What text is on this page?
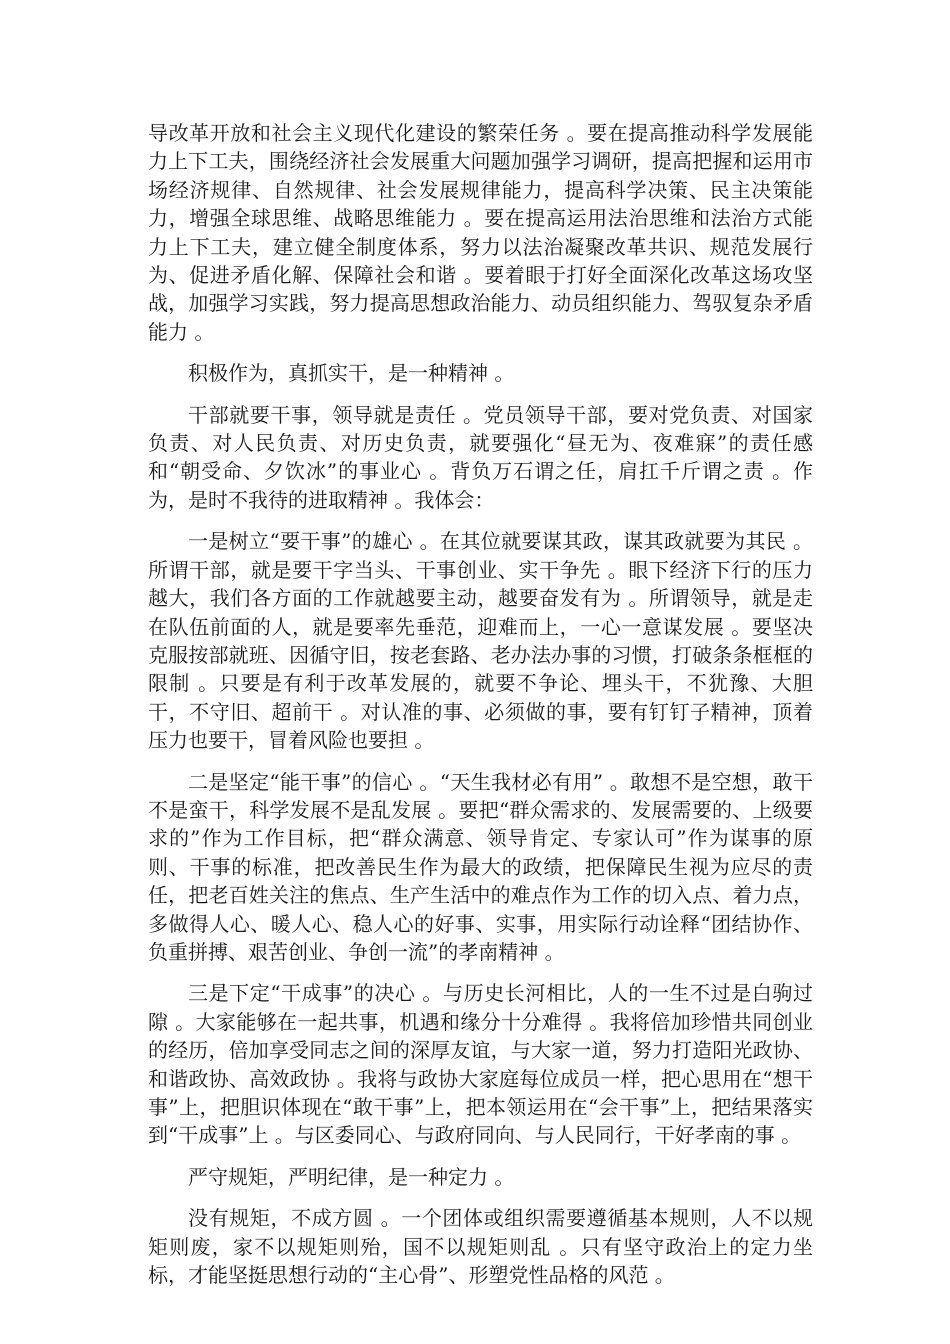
导改革开放和社会主义现代化建设的繁荣任务 。要在提高推动科学发展能力上下工夫，围绕经济社会发展重大问题加强学习调研，提高把握和运用市场经济规律、自然规律、社会发展规律能力，提高科学决策、民主决策能力，增强全球思维、战略思维能力 。要在提高运用法治思维和法治方式能力上下工夫，建立健全制度体系，努力以法治凝聚改革共识、规范发展行为、促进矛盾化解、保障社会和谐 。要着眼于打好全面深化改革这场攻坚战，加强学习实践，努力提高思想政治能力、动员组织能力、驾驭复杂矛盾能力 。

积极作为，真抓实干，是一种精神 。

干部就要干事，领导就是责任 。党员领导干部，要对党负责、对国家负责、对人民负责、对历史负责，就要强化“昼无为、夜难寐”的责任感和“朝受命、夕饮冰”的事业心 。背负万石谓之任，肩扛千斤谓之责 。作为，是时不我待的进取精神 。我体会：

一是树立“要干事”的雄心 。在其位就要谋其政，谋其政就要为其民 。所谓干部，就是要干字当头、干事创业、实干争先 。眼下经济下行的压力越大，我们各方面的工作就越要主动，越要奋发有为 。所谓领导，就是走在队伍前面的人，就是要率先垂范，迎难而上，一心一意谋发展 。要坚决克服按部就班、因循守旧，按老套路、老办法办事的习惯，打破条条框框的限制 。只要是有利于改革发展的，就要不争论、埋头干，不犹豫、大胆干，不守旧、超前干 。对认准的事、必须做的事，要有钉钉子精神，顶着压力也要干，冒着风险也要担 。

二是坚定“能干事”的信心 。“天生我材必有用” 。敢想不是空想，敢干不是蛮干，科学发展不是乱发展 。要把“群众需求的、发展需要的、上级要求的”作为工作目标，把“群众满意、领导肯定、专家认可”作为谋事的原则、干事的标准，把改善民生作为最大的政绩，把保障民生视为应尽的责任，把老百姓关注的焦点、生产生活中的难点作为工作的切入点、着力点，多做得人心、暖人心、稳人心的好事、实事，用实际行动诠释“团结协作、负重拼搏、艰苦创业、争创一流”的孝南精神 。

三是下定“干成事”的决心 。与历史长河相比，人的一生不过是白驹过隙 。大家能够在一起共事，机遇和缘分十分难得 。我将倍加珍惜共同创业的经历，倍加享受同志之间的深厚友谊，与大家一道，努力打造阳光政协、和谐政协、高效政协 。我将与政协大家庭每位成员一样，把心思用在“想干事”上，把胆识体现在“敢干事”上，把本领运用在“会干事”上，把结果落实到“干成事”上 。与区委同心、与政府同向、与人民同行，干好孝南的事 。

严守规矩，严明纪律，是一种定力 。

没有规矩，不成方圆 。一个团体或组织需要遵循基本规则，人不以规矩则废，家不以规矩则殆，国不以规矩则乱 。只有坚守政治上的定力坐标，才能坚挺思想行动的“主心骨”、形塑党性品格的风范 。
